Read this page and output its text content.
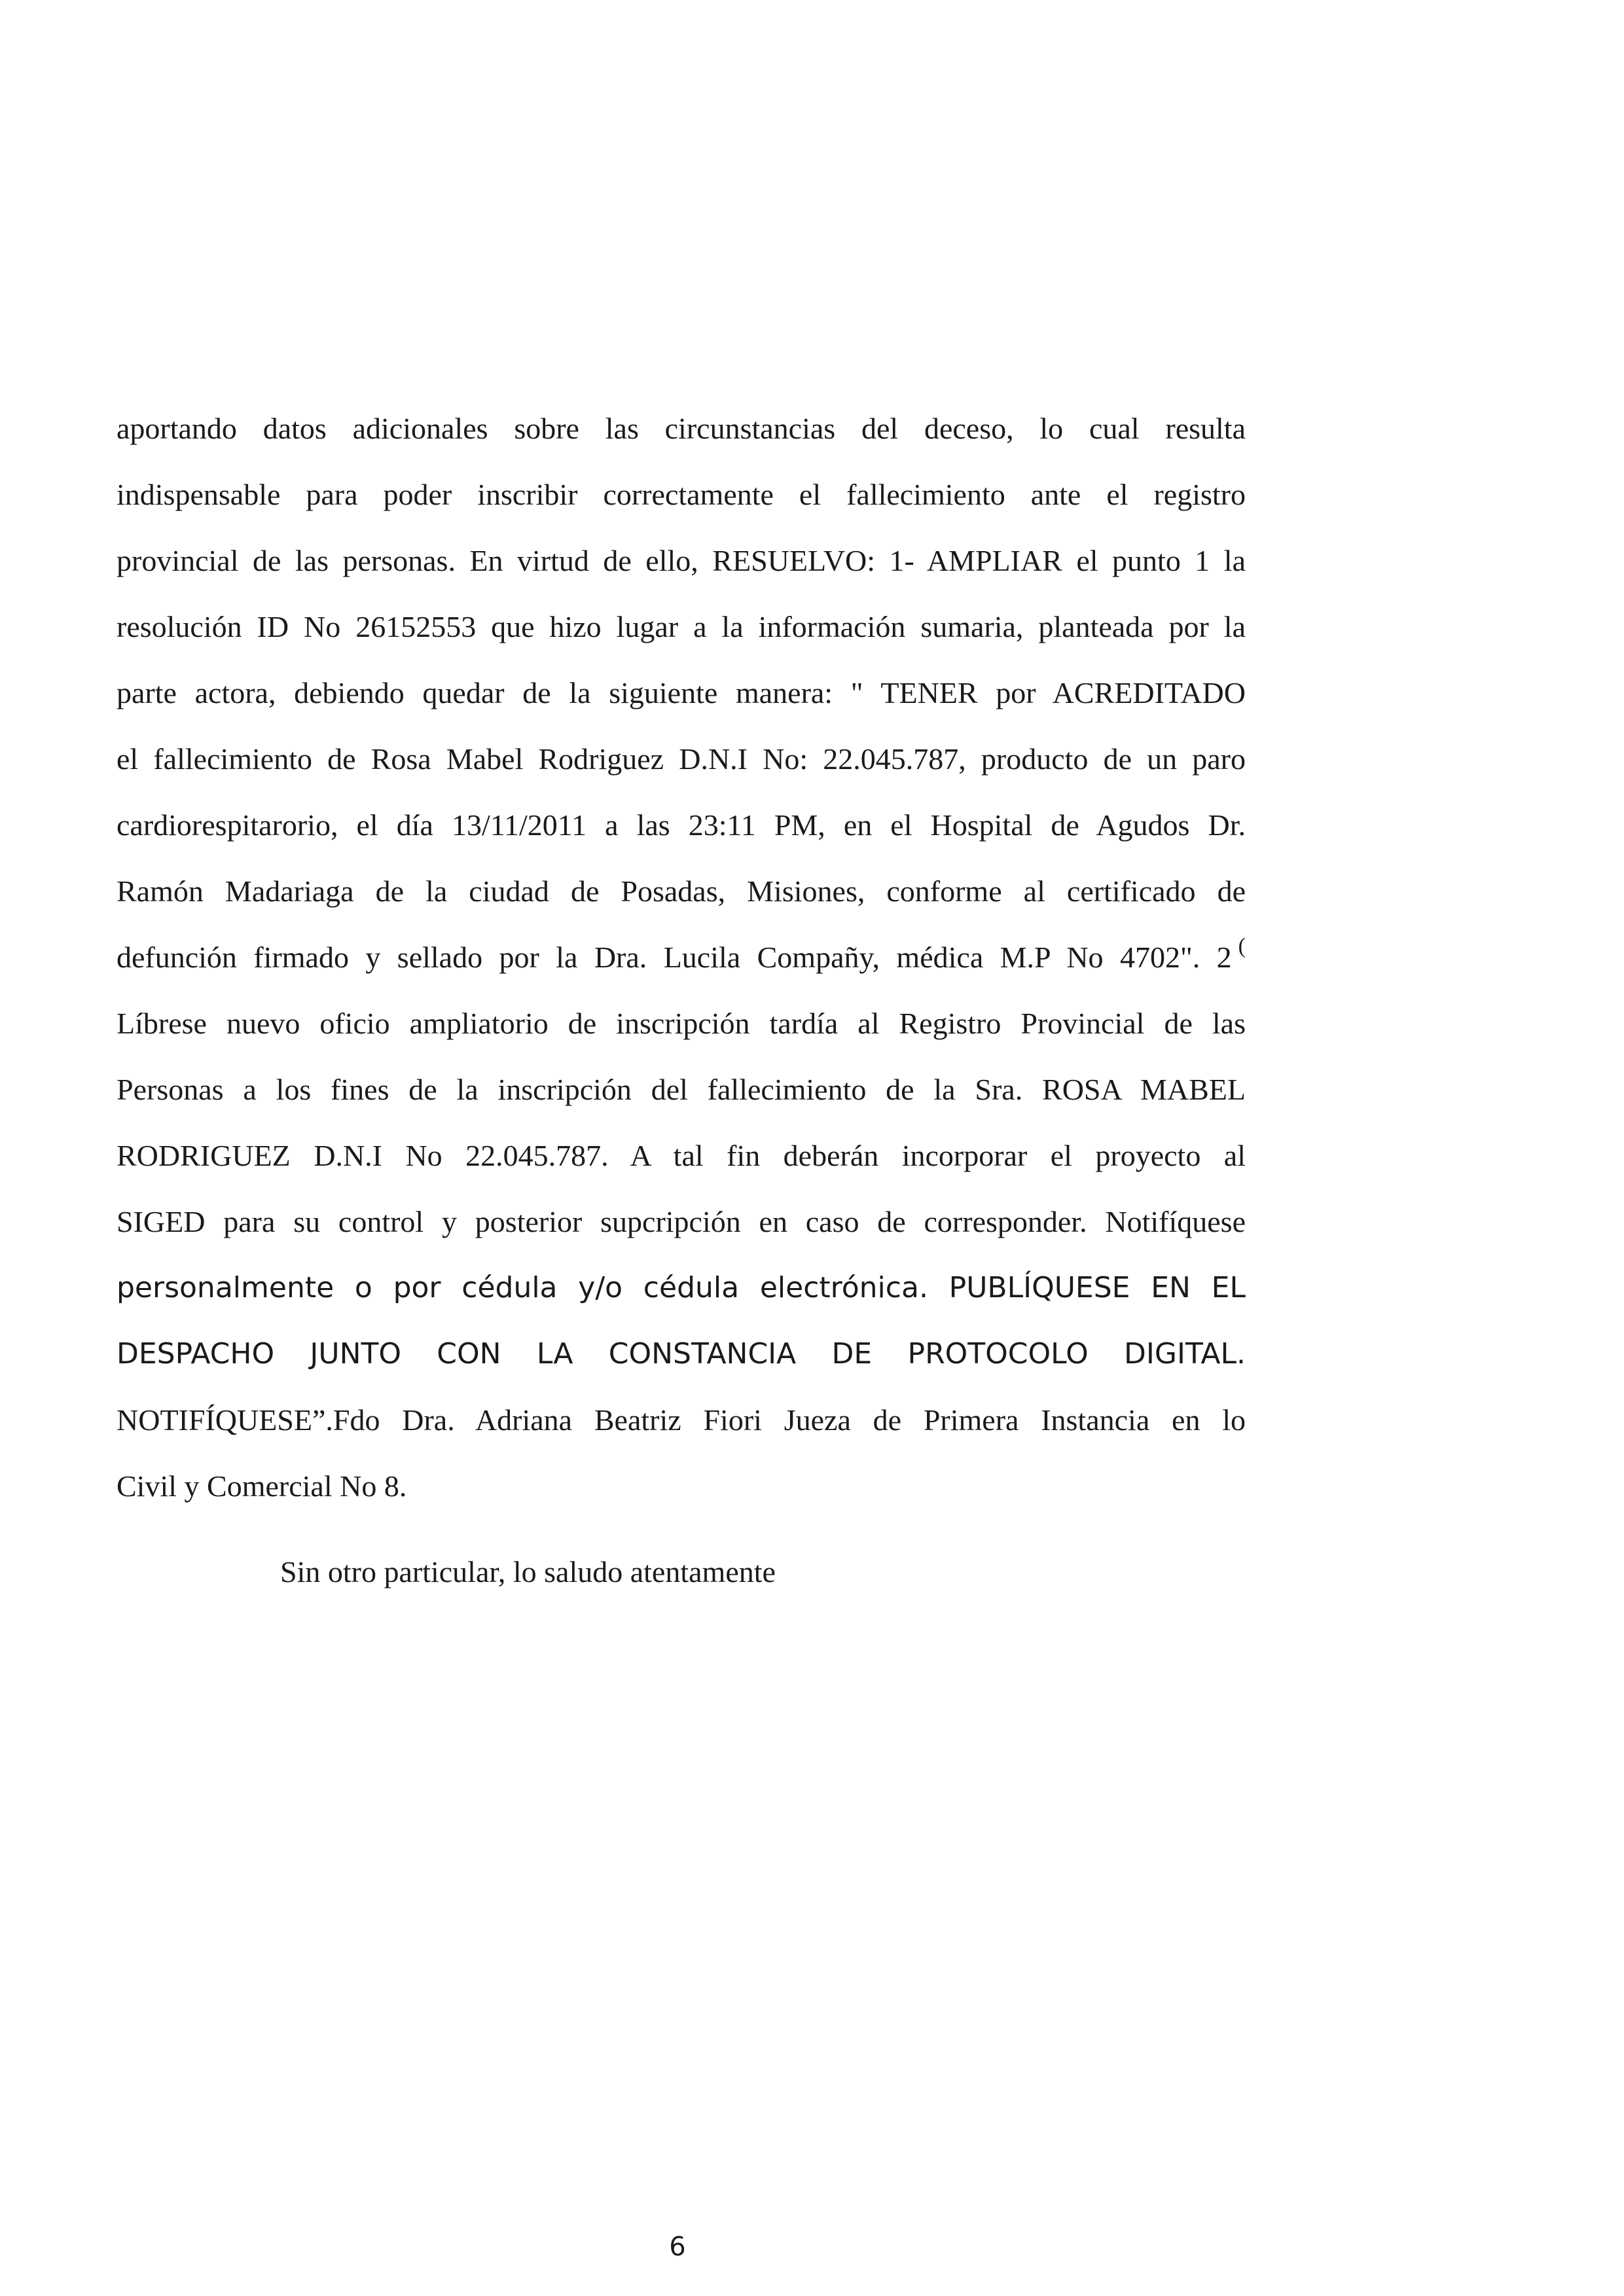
aportando datos adicionales sobre las circunstancias del deceso, lo cual resulta
indispensable para poder inscribir correctamente el fallecimiento ante el registro
provincial de las personas. En virtud de ello, RESUELVO: 1- AMPLIAR el punto 1 la
resolución ID No 26152553 que hizo lugar a la información sumaria, planteada por la
parte actora, debiendo quedar de la siguiente manera: " TENER por ACREDITADO
el fallecimiento de Rosa Mabel Rodriguez D.N.I No: 22.045.787, producto de un paro
cardiorespitarorio, el día 13/11/2011 a las 23:11 PM, en el Hospital de Agudos Dr.
Ramón Madariaga de la ciudad de Posadas, Misiones, conforme al certificado de
defunción firmado y sellado por la Dra. Lucila Compañy, médica M.P No 4702". 2 (
Líbrese nuevo oficio ampliatorio de inscripción tardía al Registro Provincial de las
Personas a los fines de la inscripción del fallecimiento de la Sra. ROSA MABEL
RODRIGUEZ D.N.I No 22.045.787. A tal fin deberán incorporar el proyecto al
SIGED para su control y posterior supcripción en caso de corresponder. Notifíquese
personalmente o por cédula y/o cédula electrónica. PUBLÍQUESE EN EL
DESPACHO JUNTO CON LA CONSTANCIA DE PROTOCOLO DIGITAL.
NOTIFÍQUESE”.Fdo Dra. Adriana Beatriz Fiori Jueza de Primera Instancia en lo
Civil y Comercial No 8.
Sin otro particular, lo saludo atentamente
6
